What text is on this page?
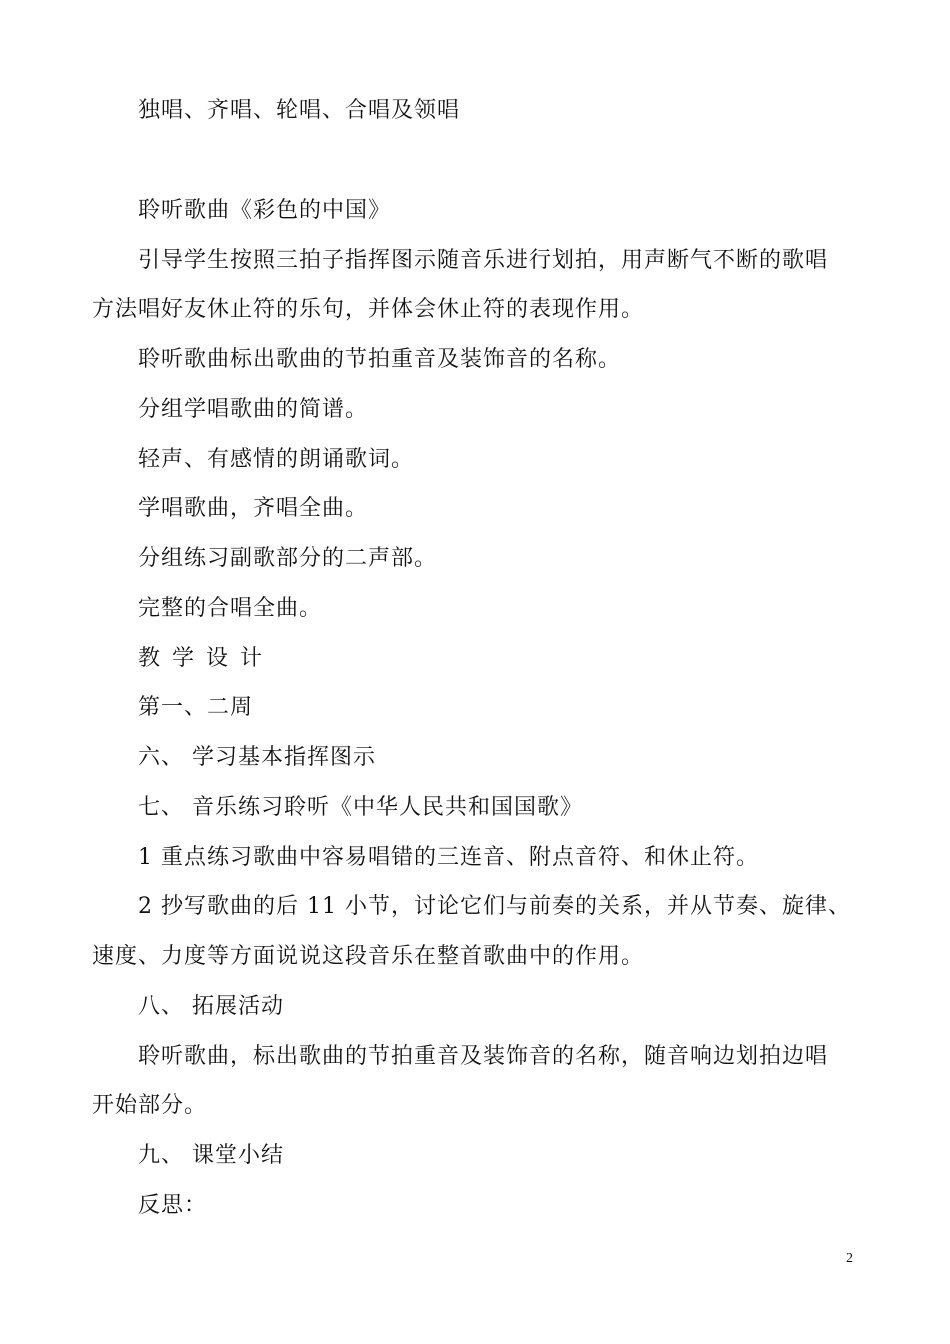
独唱、齐唱、轮唱、合唱及领唱
聆听歌曲《彩色的中国》
引导学生按照三拍子指挥图示随音乐进行划拍，用声断气不断的歌唱
方法唱好友休止符的乐句，并体会休止符的表现作用。
聆听歌曲标出歌曲的节拍重音及装饰音的名称。
分组学唱歌曲的简谱。
轻声、有感情的朗诵歌词。
学唱歌曲，齐唱全曲。
分组练习副歌部分的二声部。
完整的合唱全曲。
教学设计
第一、二周
六、 学习基本指挥图示
七、 音乐练习聆听《中华人民共和国国歌》
1 重点练习歌曲中容易唱错的三连音、附点音符、和休止符。
2 抄写歌曲的后 11 小节，讨论它们与前奏的关系，并从节奏、旋律、
速度、力度等方面说说这段音乐在整首歌曲中的作用。
八、 拓展活动
聆听歌曲，标出歌曲的节拍重音及装饰音的名称，随音响边划拍边唱
开始部分。
九、 课堂小结
反思：
2
